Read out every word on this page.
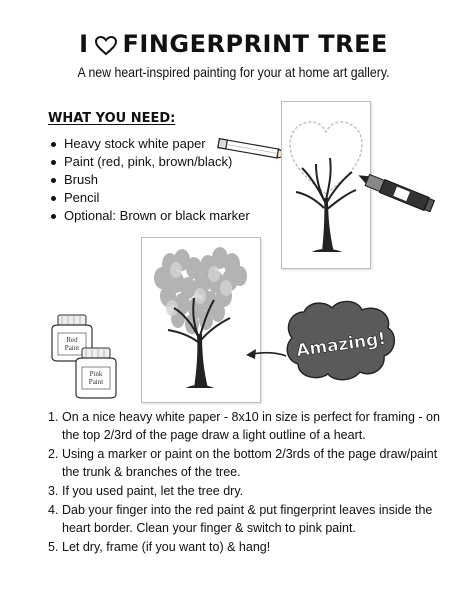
I FINGERPRINT TREE
A new heart-inspired painting for your at home art gallery.
WHAT YOU NEED:
Heavy stock white paper
Paint (red, pink, brown/black)
Brush
Pencil
Optional: Brown or black marker
Red
Paint
Pink
Paint
Amazing!
1. On a nice heavy white paper - 8x10 in size is perfect for framing - on the top 2/3rd of the page draw a light outline of a heart.
2. Using a marker or paint on the bottom 2/3rds of the page draw/paint the trunk & branches of the tree.
3. If you used paint, let the tree dry.
4. Dab your finger into the red paint & put fingerprint leaves inside the heart border. Clean your finger & switch to pink paint.
5. Let dry, frame (if you want to) & hang!
